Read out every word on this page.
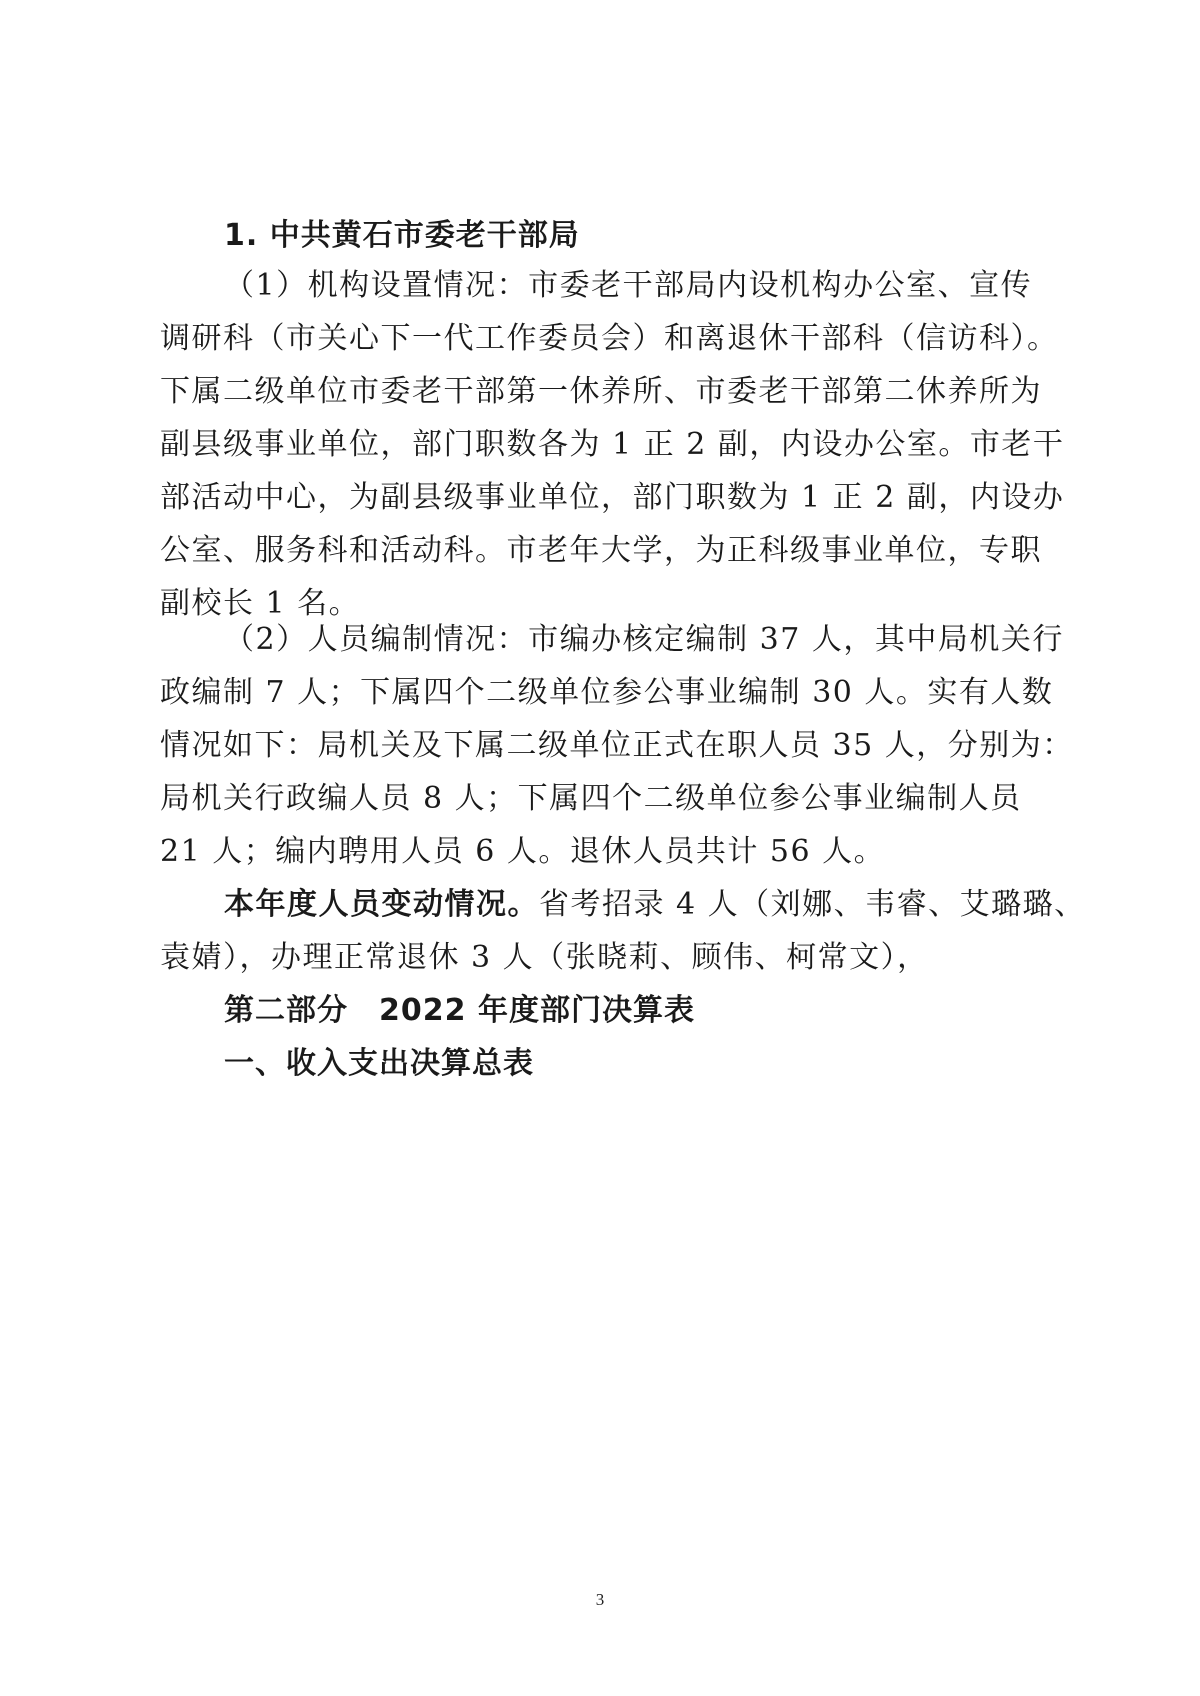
1. 中共黄石市委老干部局
（1）机构设置情况：市委老干部局内设机构办公室、宣传
调研科（市关心下一代工作委员会）和离退休干部科（信访科）。
下属二级单位市委老干部第一休养所、市委老干部第二休养所为
副县级事业单位，部门职数各为 1 正 2 副，内设办公室。市老干
部活动中心，为副县级事业单位，部门职数为 1 正 2 副，内设办
公室、服务科和活动科。市老年大学，为正科级事业单位，专职
副校长 1 名。
（2）人员编制情况：市编办核定编制 37 人，其中局机关行
政编制 7 人；下属四个二级单位参公事业编制 30 人。实有人数
情况如下：局机关及下属二级单位正式在职人员 35 人，分别为：
局机关行政编人员 8 人；下属四个二级单位参公事业编制人员
21 人；编内聘用人员 6 人。退休人员共计 56 人。
本年度人员变动情况。省考招录 4 人（刘娜、韦睿、艾璐璐、
袁婧），办理正常退休 3 人（张晓莉、顾伟、柯常文），
第二部分　2022 年度部门决算表
一、收入支出决算总表
3
